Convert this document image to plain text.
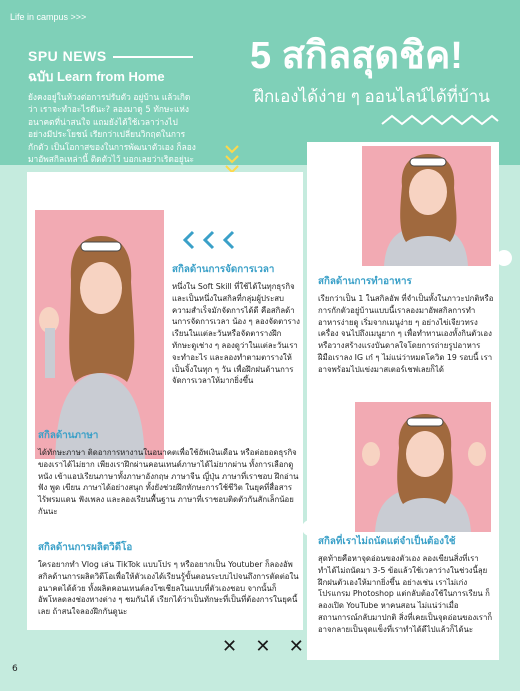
Life in campus >>>
SPU NEWS
ฉบับ Learn from Home
ยังคงอยู่ในห้วงต่อการปรับตัว อยู่บ้าน แล้วเกิดว่า เราจะทำอะไรดีนะ? ลองมาดู 5 ทักษะแห่งอนาคตที่น่าสนใจ แถมยังได้ใช้เวลาว่างไปอย่างมีประโยชน์ เรียกว่าเปลี่ยนวิกฤตในการกักตัว เป็นโอกาสของในการพัฒนาตัวเอง ก็ลองมาอัพสกิลเหล่านี้ ติดตัวไว้ บอกเลยว่าเริดอยู่นะ
5 สกิลสุดชิค!
ฝึกเองได้ง่าย ๆ ออนไลน์ได้ที่บ้าน
สกิลด้านการจัดการเวลา
หนึ่งใน Soft Skill ที่ใช้ได้ในทุกธุรกิจ และเป็นหนึ่งในสกิลที่กลุ่มผู้ประสบความสำเร็จมักจัดการได้ดี คือสกิลด้านการจัดการเวลา น้อง ๆ ลองจัดตารางเรียนในแต่ละวันหรือจัดตารางฝึกทักษะดูเช่าง ๆ ลองดูว่าในแต่ละวันเราจะทำอะไร และลองทำตามตารางให้เป็นจิ้งในทุก ๆ วัน เพื่อฝึกฝนด้านการจัดการเวลาให้มากยิ่งขึ้น
สกิลด้านภาษา
ได้ทักษะภาษา ติดอาการหางานในอนาคตเพื่อใช้อัพเงินเดือน หรือต่อยอดธุรกิจของเราได้ไม่ยาก เพียงเราฝึกผ่านคอนเทนต์ภาษาได้ไม่ยากผ่าน ทั้งการเลือกดูหนัง เข้าแอปเรียนภาษาทั้งภาษาอังกฤษ ภาษาจีน ญี่ปุ่น ภาษาที่เราชอบ ฝึกอ่าน ฟัง พูด เขียน ภาษาได้อย่างสนุก ทั้งยังช่วยฝึกทักษะการใช้ชีวิต ในยุคที่สื่อสารไร้พรมแดน ฟังเพลง และลองเรียนพื้นฐาน ภาษาที่เราชอบติดตัวกันสักเล็กน้อยกันนะ
สกิลด้านการผลิตวิดีโอ
ใครอยากทำ Vlog เล่น TikTok แบบโปร ๆ หรืออยากเป็น Youtuber ก็ลองอัพสกิลด้านการผลิตวิดีโอเพื่อให้ตัวเองได้เรียนรู้ขั้นตอนระบบไปจนถึงการตัดต่อในอนาคตได้ด้วย ทั้งผลิตคอนเทนต์ลงโซเชียลในแบบที่ตัวเองชอบ จากนั้นก็อัพโหลดลงช่องทางต่าง ๆ ชมกันได้ เรียกได้ว่าเป็นทักษะที่เป็นที่ต้องการในยุคนี้เลย ถ้าสนใจลองฝึกกันดูนะ
สกิลด้านการทำอาหาร
เรียกว่าเป็น 1 ในสกิลอัพ ที่จำเป็นทั้งในภาวะปกติหรือการกักตัวอยู่บ้านแบบนี้เราลองมาอัพสกิลการทำอาหารง่ายดู เริ่มจากเมนูง่าย ๆ อย่างไข่เจียวทรงเครื่อง จนไปถึงเมนูยาก ๆ เพื่อทำทานเองทั้งกินตัวเองหรือวางสร้างแรงบันดาลใจโดยการถ่ายรูปอาหารฝีมือเราลง IG เก๋ ๆ ไม่แน่ว่าหมดโควิด 19 รอบนี้ เราอาจพร้อมไปแข่งมาสเตอร์เชฟเลยก็ได้
สกิลที่เราไม่ถนัดแต่จำเป็นต้องใช้
สุดท้ายคือหาจุดอ่อนของตัวเอง ลองเขียนสิ่งที่เราทำได้ไม่ถนัดมา 3-5 ข้อแล้วใช้เวลาว่างในช่วงนี้ลุยฝึกฝนตัวเองให้มากยิ่งขึ้น อย่างเช่น เราไม่เก่งโปรแกรม Photoshop แต่กลับต้องใช้ในการเรียน ก็ลองเปิด YouTube หาคนสอน ไม่แน่ว่าเมื่อสถานการณ์กลับมาปกติ สิ่งที่เคยเป็นจุดอ่อนของเราก็อาจกลายเป็นจุดแข็งที่เราทำได้ดีไปแล้วก็ได้นะ
✕ ✕ ✕
6
